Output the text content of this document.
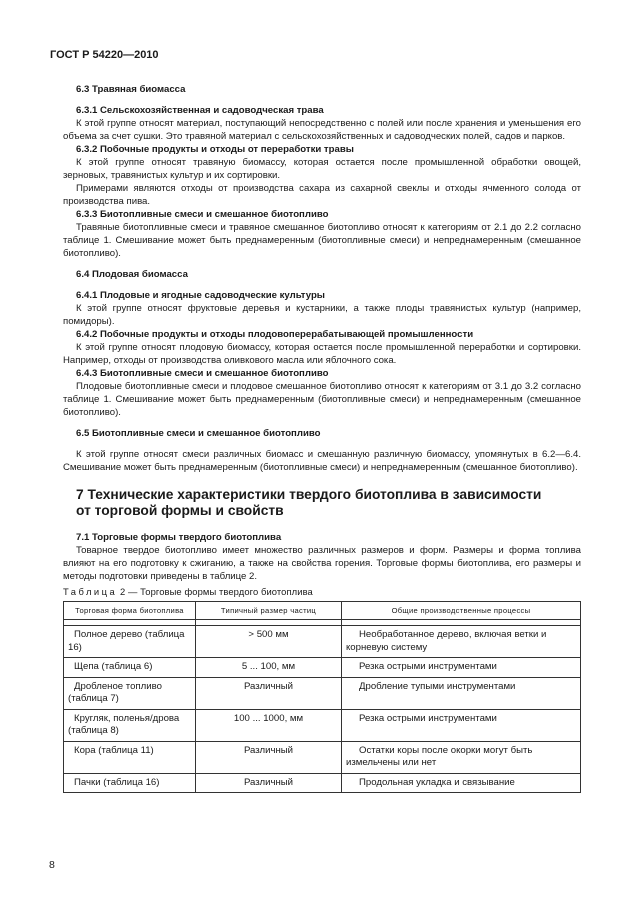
ГОСТ Р 54220—2010
6.3 Травяная биомасса
6.3.1 Сельскохозяйственная и садоводческая трава

К этой группе относят материал, поступающий непосредственно с полей или после хранения и уменьшения его объема за счет сушки. Это травяной материал с сельскохозяйственных и садоводческих полей, садов и парков.

6.3.2 Побочные продукты и отходы от переработки травы

К этой группе относят травяную биомассу, которая остается после промышленной обработки овощей, зерновых, травянистых культур и их сортировки.

Примерами являются отходы от производства сахара из сахарной свеклы и отходы ячменного солода от производства пива.

6.3.3 Биотопливные смеси и смешанное биотопливо

Травяные биотопливные смеси и травяное смешанное биотопливо относят к категориям от 2.1 до 2.2 согласно таблице 1. Смешивание может быть преднамеренным (биотопливные смеси) и непреднамеренным (смешанное биотопливо).

6.4 Плодовая биомасса
6.4.1 Плодовые и ягодные садоводческие культуры

К этой группе относят фруктовые деревья и кустарники, а также плоды травянистых культур (например, помидоры).

6.4.2 Побочные продукты и отходы плодовоперерабатывающей промышленности

К этой группе относят плодовую биомассу, которая остается после промышленной переработки и сортировки. Например, отходы от производства оливкового масла или яблочного сока.

6.4.3 Биотопливные смеси и смешанное биотопливо

Плодовые биотопливные смеси и плодовое смешанное биотопливо относят к категориям от 3.1 до 3.2 согласно таблице 1. Смешивание может быть преднамеренным (биотопливные смеси) и непреднамеренным (смешанное биотопливо).

6.5 Биотопливные смеси и смешанное биотопливо

К этой группе относят смеси различных биомасс и смешанную различную биомассу, упомянутых в 6.2—6.4. Смешивание может быть преднамеренным (биотопливные смеси) и непреднамеренным (смешанное биотопливо).

7 Технические характеристики твердого биотоплива в зависимости
от торговой формы и свойств
7.1 Торговые формы твердого биотоплива

Товарное твердое биотопливо имеет множество различных размеров и форм. Размеры и форма топлива влияют на его подготовку к сжиганию, а также на свойства горения. Торговые формы биотоплива, его размеры и методы подготовки приведены в таблице 2.

Таблица 2 — Торговые формы твердого биотоплива
Торговая форма биотоплива	Типичный размер частиц	Общие производственные процессы

Полное дерево (таблица 16)	> 500 мм	Необработанное дерево, включая ветки и корневую систему
Щепа (таблица 6)	5 ... 100, мм	Резка острыми инструментами
Дробленое топливо (таблица 7)	Различный	Дробление тупыми инструментами
Кругляк, поленья/дрова (таблица 8)	100 ... 1000, мм	Резка острыми инструментами
Кора (таблица 11)	Различный	Остатки коры после окорки могут быть измельчены или нет
Пачки (таблица 16)	Различный	Продольная укладка и связывание
8
